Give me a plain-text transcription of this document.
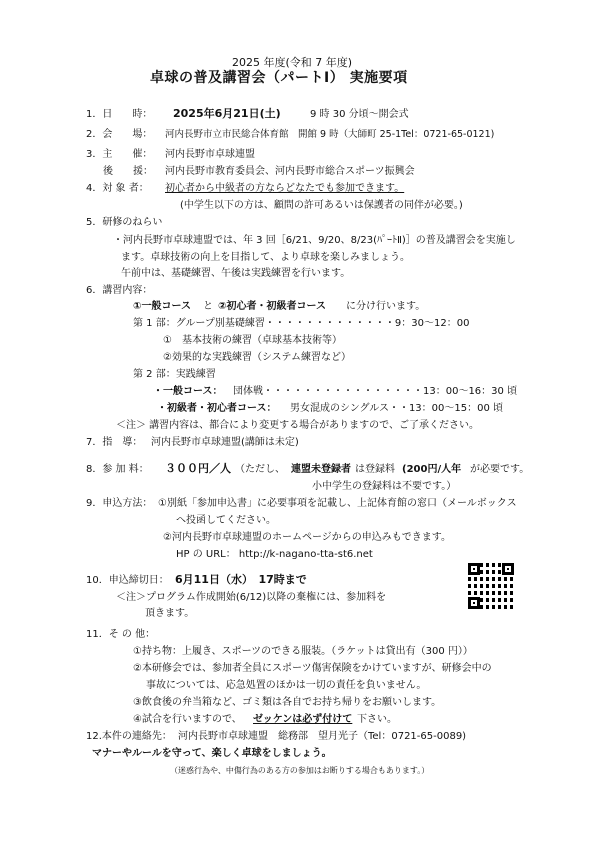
2025 年度(令和 7 年度)
卓球の普及講習会（パートⅠ） 実施要項
1．日　　時： 2025年6月21日(土)	9 時 30 分頃～開会式
2．会　　場： 河内長野市立市民総合体育館　開館 9 時（大師町 25-1Tel：0721-65-0121)
3．主　　催： 河内長野市卓球連盟
後　　援： 河内長野市教育委員会、河内長野市総合スポーツ振興会
4．対 象 者： 初心者から中級者の方ならどなたでも参加できます。
(中学生以下の方は、顧問の許可あるいは保護者の同伴が必要。)
5．研修のねらい
・河内長野市卓球連盟では、年 3 回［6/21、9/20、8/23(ﾊﾟｰﾄⅡ)］の普及講習会を実施し
ます。卓球技術の向上を目指して、より卓球を楽しみましょう。
午前中は、基礎練習、午後は実践練習を行います。
6．講習内容：
①一般コース と ②初心者・初級者コース に分け行います。
第 1 部：グループ別基礎練習・・・・・・・・・・・・・9：30～12：00
①　基本技術の練習（卓球基本技術等）
②効果的な実践練習（システム練習など）
第 2 部：実践練習
・一般コース： 団体戦・・・・・・・・・・・・・・・・13：00～16：30 頃
・初級者・初心者コース： 男女混成のシングルス・・13：00～15：00 頃
＜注＞ 講習内容は、都合により変更する場合がありますので、ご了承ください。
7．指　導： 河内長野市卓球連盟(講師は未定)
8．参 加 料： ３００円／人 （ただし、 連盟未登録者 は登録料 (200円/人年 が必要です。
小中学生の登録料は不要です。）
9．申込方法： ①別紙「参加申込書」に必要事項を記載し、上記体育館の窓口（メールボックス
へ投函してください。
②河内長野市卓球連盟のホームページからの申込みもできます。
HP の URL： http://k-nagano-tta-st6.net
10．申込締切日： 6月11日（水）　17時まで
＜注＞プログラム作成開始(6/12)以降の棄権には、参加料を
頂きます。
11．そ の 他：
①持ち物：上履き、スポーツのできる服装。（ラケットは貸出有（300 円））
②本研修会では、参加者全員にスポーツ傷害保険をかけていますが、研修会中の
事故については、応急処置のほかは一切の責任を負いません。
③飲食後の弁当箱など、ゴミ類は各自でお持ち帰りをお願いします。
④試合を行いますので、 ゼッケンは必ず付けて 下さい。
12.本件の連絡先： 河内長野市卓球連盟　総務部　望月光子（Tel：0721-65-0089)
マナーやルールを守って、楽しく卓球をしましょう。
（迷惑行為や、中傷行為のある方の参加はお断りする場合もあります。）
